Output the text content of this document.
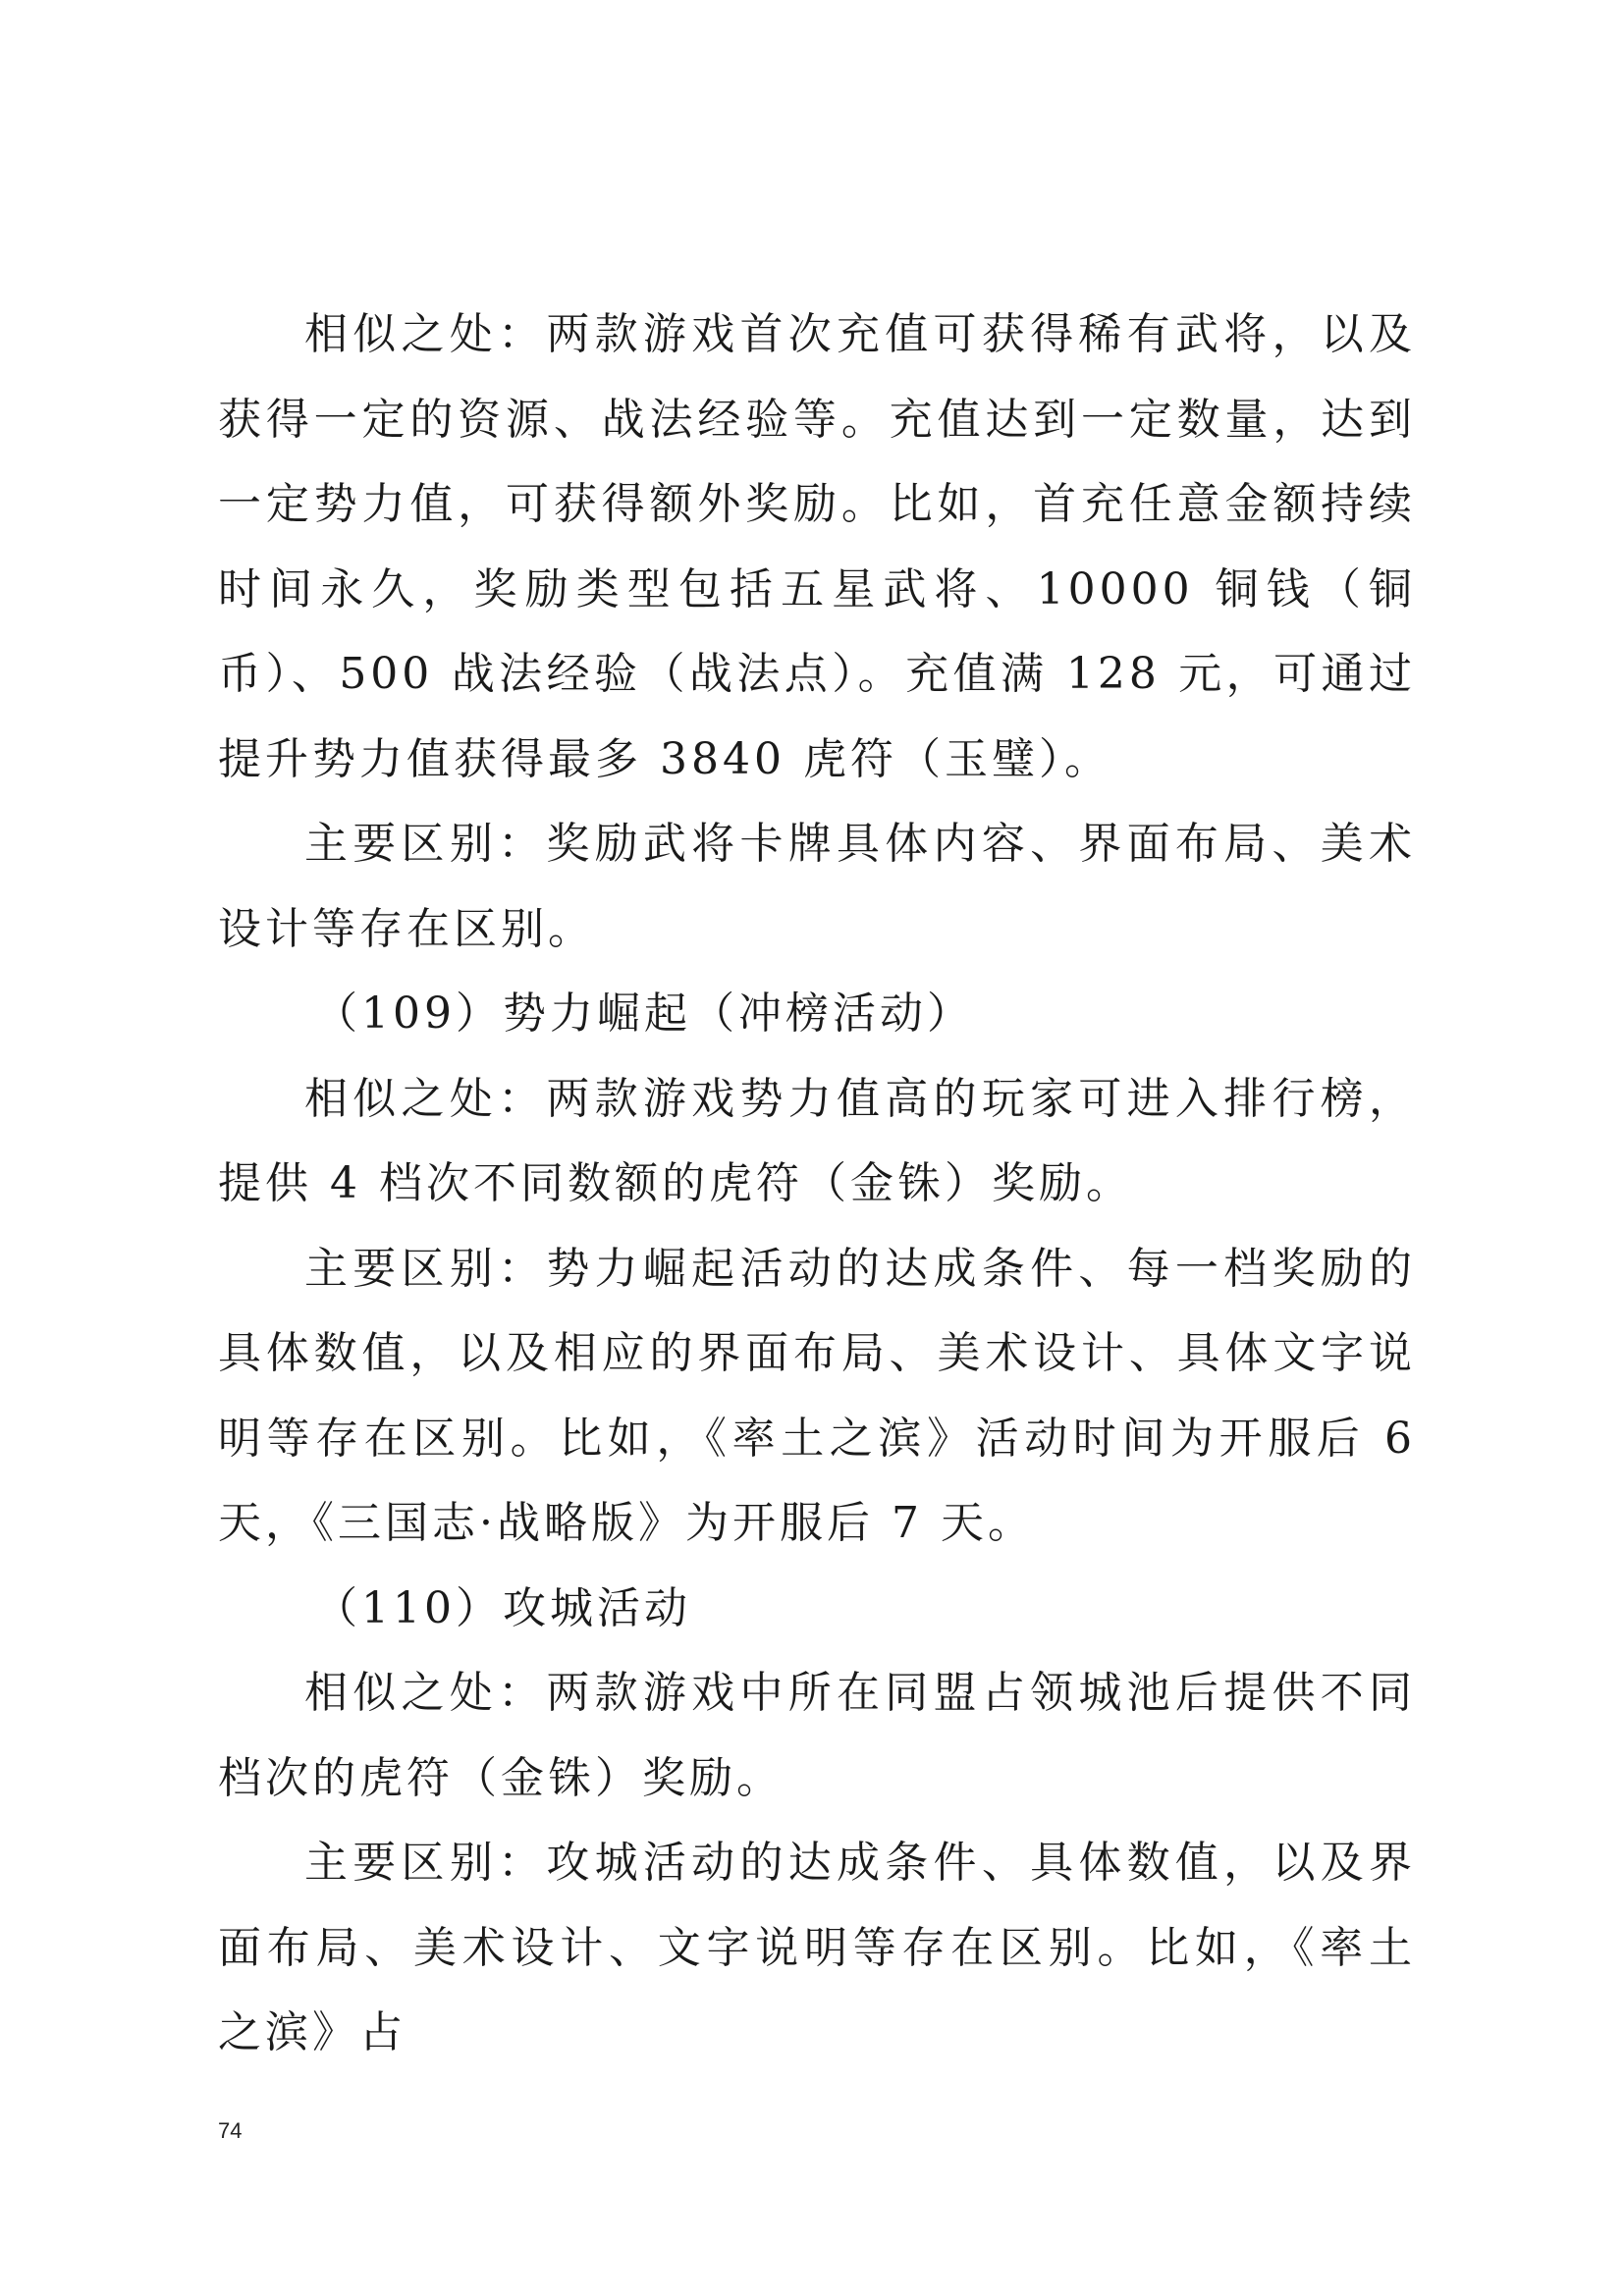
相似之处：两款游戏首次充值可获得稀有武将，以及获得一定的资源、战法经验等。充值达到一定数量，达到一定势力值，可获得额外奖励。比如，首充任意金额持续时间永久，奖励类型包括五星武将、10000 铜钱（铜币）、500 战法经验（战法点）。充值满 128 元，可通过提升势力值获得最多 3840 虎符（玉璧）。

主要区别：奖励武将卡牌具体内容、界面布局、美术设计等存在区别。

（109）势力崛起（冲榜活动）

相似之处：两款游戏势力值高的玩家可进入排行榜，提供 4 档次不同数额的虎符（金铢）奖励。

主要区别：势力崛起活动的达成条件、每一档奖励的具体数值，以及相应的界面布局、美术设计、具体文字说明等存在区别。比如，《率土之滨》活动时间为开服后 6 天，《三国志·战略版》为开服后 7 天。

（110）攻城活动

相似之处：两款游戏中所在同盟占领城池后提供不同档次的虎符（金铢）奖励。

主要区别：攻城活动的达成条件、具体数值，以及界面布局、美术设计、文字说明等存在区别。比如，《率土之滨》占

74
